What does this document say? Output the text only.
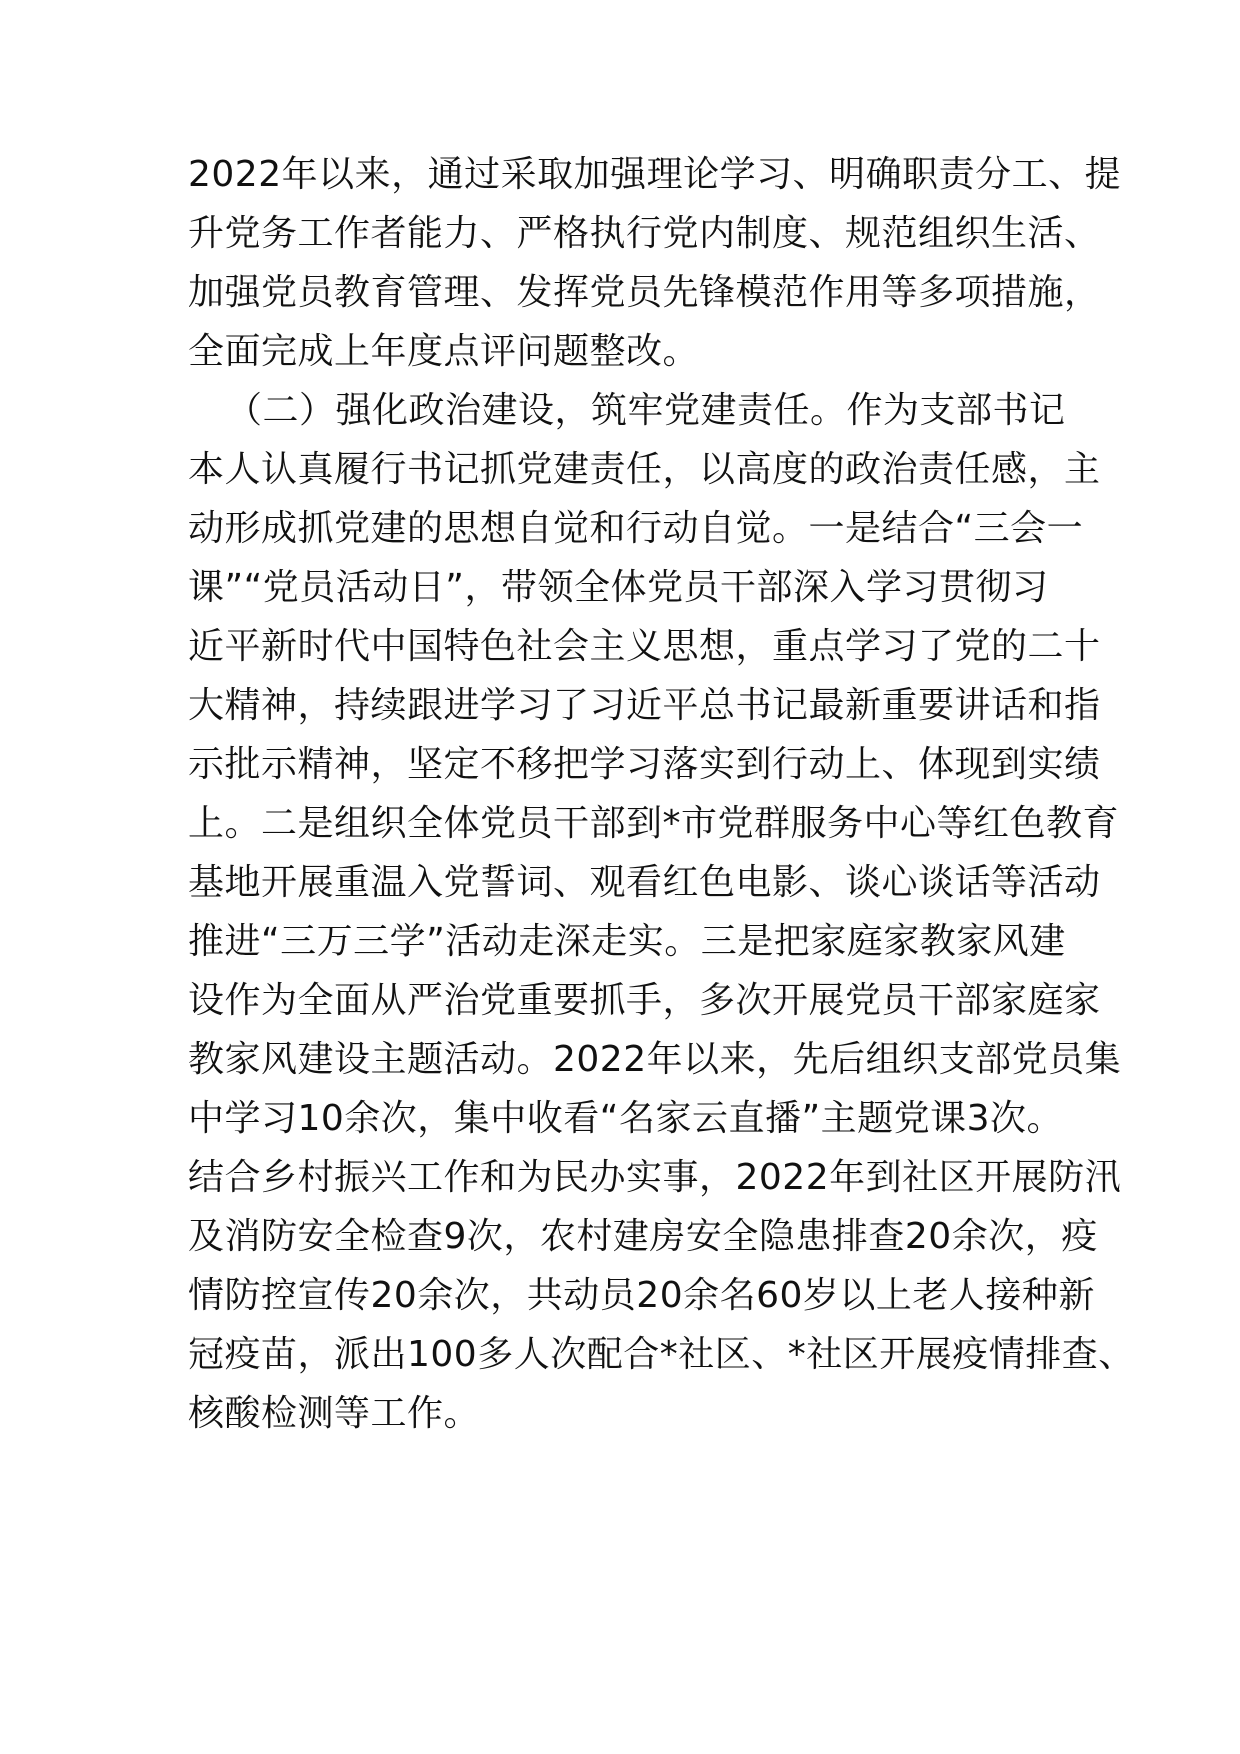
2022年以来，通过采取加强理论学习、明确职责分工、提
升党务工作者能力、严格执行党内制度、规范组织生活、
加强党员教育管理、发挥党员先锋模范作用等多项措施，
全面完成上年度点评问题整改。
（二）强化政治建设，筑牢党建责任。作为支部书记
本人认真履行书记抓党建责任，以高度的政治责任感，主
动形成抓党建的思想自觉和行动自觉。一是结合“三会一
课”“党员活动日”，带领全体党员干部深入学习贯彻习
近平新时代中国特色社会主义思想，重点学习了党的二十
大精神，持续跟进学习了习近平总书记最新重要讲话和指
示批示精神，坚定不移把学习落实到行动上、体现到实绩
上。二是组织全体党员干部到*市党群服务中心等红色教育
基地开展重温入党誓词、观看红色电影、谈心谈话等活动
推进“三万三学”活动走深走实。三是把家庭家教家风建
设作为全面从严治党重要抓手，多次开展党员干部家庭家
教家风建设主题活动。2022年以来，先后组织支部党员集
中学习10余次，集中收看“名家云直播”主题党课3次。
结合乡村振兴工作和为民办实事，2022年到社区开展防汛
及消防安全检查9次，农村建房安全隐患排查20余次，疫
情防控宣传20余次，共动员20余名60岁以上老人接种新
冠疫苗，派出100多人次配合*社区、*社区开展疫情排查、
核酸检测等工作。
